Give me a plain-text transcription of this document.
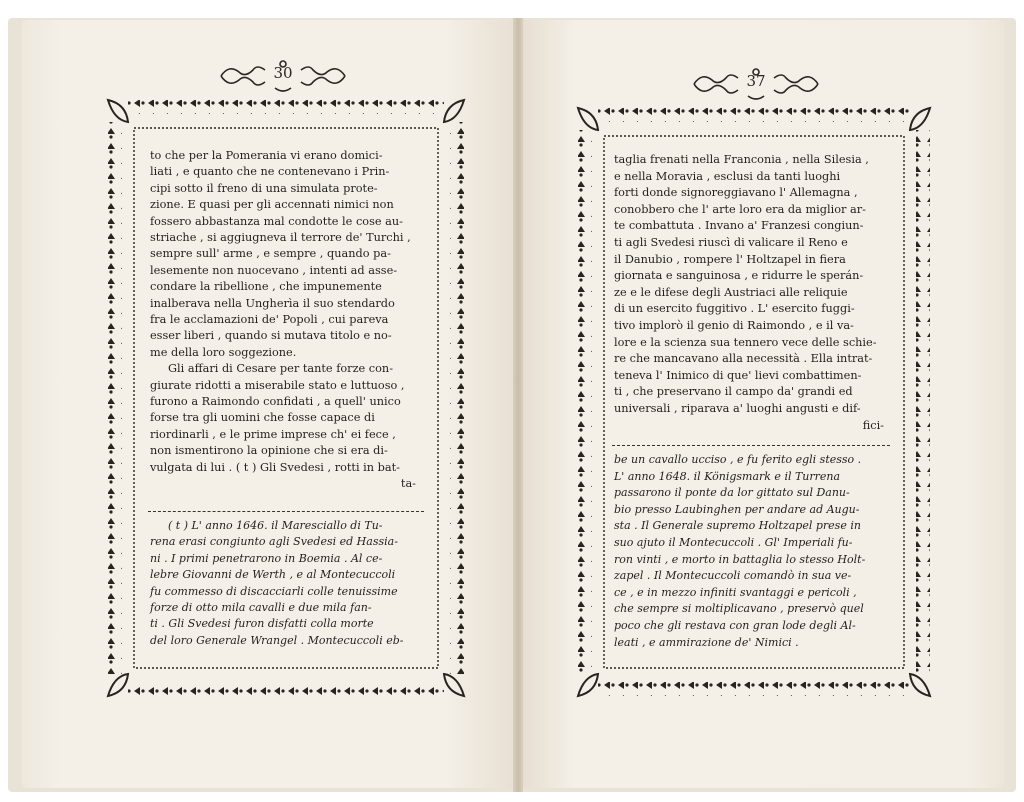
30	37
to che per la Pomerania vi erano domici-
liati , e quanto che ne contenevano i Prin-
cipi sotto il freno di una simulata prote-
zione. E quasi per gli accennati nimici non
fossero abbastanza mal condotte le cose au-
striache , si aggiugneva il terrore de' Turchi ,
sempre sull' arme , e sempre , quando pa-
lesemente non nuocevano , intenti ad asse-
condare la ribellione , che impunemente
inalberava nella Ungherìa il suo stendardo
fra le acclamazioni de' Popoli , cui pareva
esser liberi , quando si mutava titolo e no-
me della loro soggezione.
Gli affari di Cesare per tante forze con-
giurate ridotti a miserabile stato e luttuoso ,
furono a Raimondo confidati , a quell' unico
forse tra gli uomini che fosse capace di
riordinarli , e le prime imprese ch' ei fece ,
non ismentirono la opinione che si era di-
vulgata di lui . ( t ) Gli Svedesi , rotti in bat-
ta-
( t ) L' anno 1646. il Maresciallo di Tu-
rena erasi congiunto agli Svedesi ed Hassia-
ni . I primi penetrarono in Boemia . Al ce-
lebre Giovanni de Werth , e al Montecuccoli
fu commesso di discacciarli colle tenuissime
forze di otto mila cavalli e due mila fan-
ti . Gli Svedesi furon disfatti colla morte
del loro Generale Wrangel . Montecuccoli eb-
taglia frenati nella Franconia , nella Silesia ,
e nella Moravia , esclusi da tanti luoghi
forti donde signoreggiavano l' Allemagna ,
conobbero che l' arte loro era da miglior ar-
te combattuta . Invano a' Franzesi congiun-
ti agli Svedesi riuscì di valicare il Reno e
il Danubio , rompere l' Holtzapel in fiera
giornata e sanguinosa , e ridurre le sperán-
ze e le difese degli Austriaci alle reliquie
di un esercito fuggitivo . L' esercito fuggi-
tivo implorò il genio di Raimondo , e il va-
lore e la scienza sua tennero vece delle schie-
re che mancavano alla necessità . Ella intrat-
teneva l' Inimico di que' lievi combattimen-
ti , che preservano il campo da' grandi ed
universali , riparava a' luoghi angusti e dif-
fici-
be un cavallo ucciso , e fu ferito egli stesso .
L' anno 1648. il Königsmark e il Turrena
passarono il ponte da lor gittato sul Danu-
bio presso Laubinghen per andare ad Augu-
sta . Il Generale supremo Holtzapel prese in
suo ajuto il Montecuccoli . Gl' Imperiali fu-
ron vinti , e morto in battaglia lo stesso Holt-
zapel . Il Montecuccoli comandò in sua ve-
ce , e in mezzo infiniti svantaggi e pericoli ,
che sempre si moltiplicavano , preservò quel
poco che gli restava con gran lode degli Al-
leati , e ammirazione de' Nimici .
